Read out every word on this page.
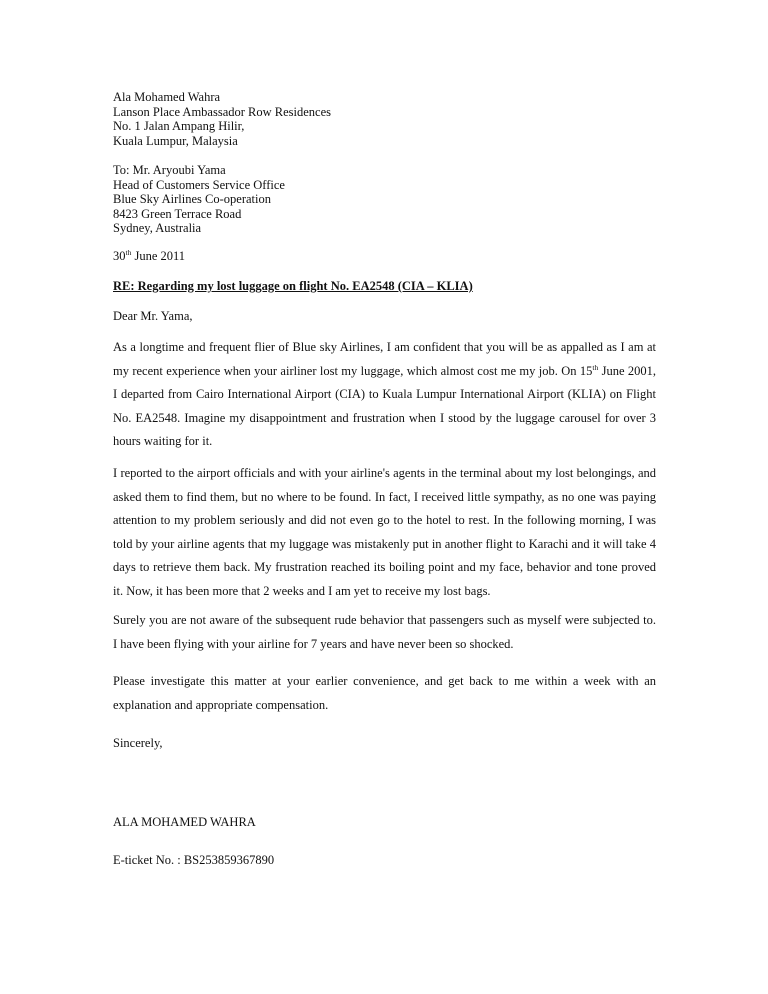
Ala Mohamed Wahra
Lanson Place Ambassador Row Residences
No. 1 Jalan Ampang Hilir,
Kuala Lumpur, Malaysia
To: Mr. Aryoubi Yama
Head of Customers Service Office
Blue Sky Airlines Co-operation
8423 Green Terrace Road
Sydney, Australia
30th June 2011
RE: Regarding my lost luggage on flight No. EA2548 (CIA – KLIA)
Dear Mr. Yama,
As a longtime and frequent flier of Blue sky Airlines, I am confident that you will be as appalled as I am at my recent experience when your airliner lost my luggage, which almost cost me my job. On 15th June 2001, I departed from Cairo International Airport (CIA) to Kuala Lumpur International Airport (KLIA) on Flight No. EA2548. Imagine my disappointment and frustration when I stood by the luggage carousel for over 3 hours waiting for it.
I reported to the airport officials and with your airline's agents in the terminal about my lost belongings, and asked them to find them, but no where to be found. In fact, I received little sympathy, as no one was paying attention to my problem seriously and did not even go to the hotel to rest. In the following morning, I was told by your airline agents that my luggage was mistakenly put in another flight to Karachi and it will take 4 days to retrieve them back. My frustration reached its boiling point and my face, behavior and tone proved it. Now, it has been more that 2 weeks and I am yet to receive my lost bags.
Surely you are not aware of the subsequent rude behavior that passengers such as myself were subjected to. I have been flying with your airline for 7 years and have never been so shocked.
Please investigate this matter at your earlier convenience, and get back to me within a week with an explanation and appropriate compensation.
Sincerely,
ALA MOHAMED WAHRA
E-ticket No. : BS253859367890
